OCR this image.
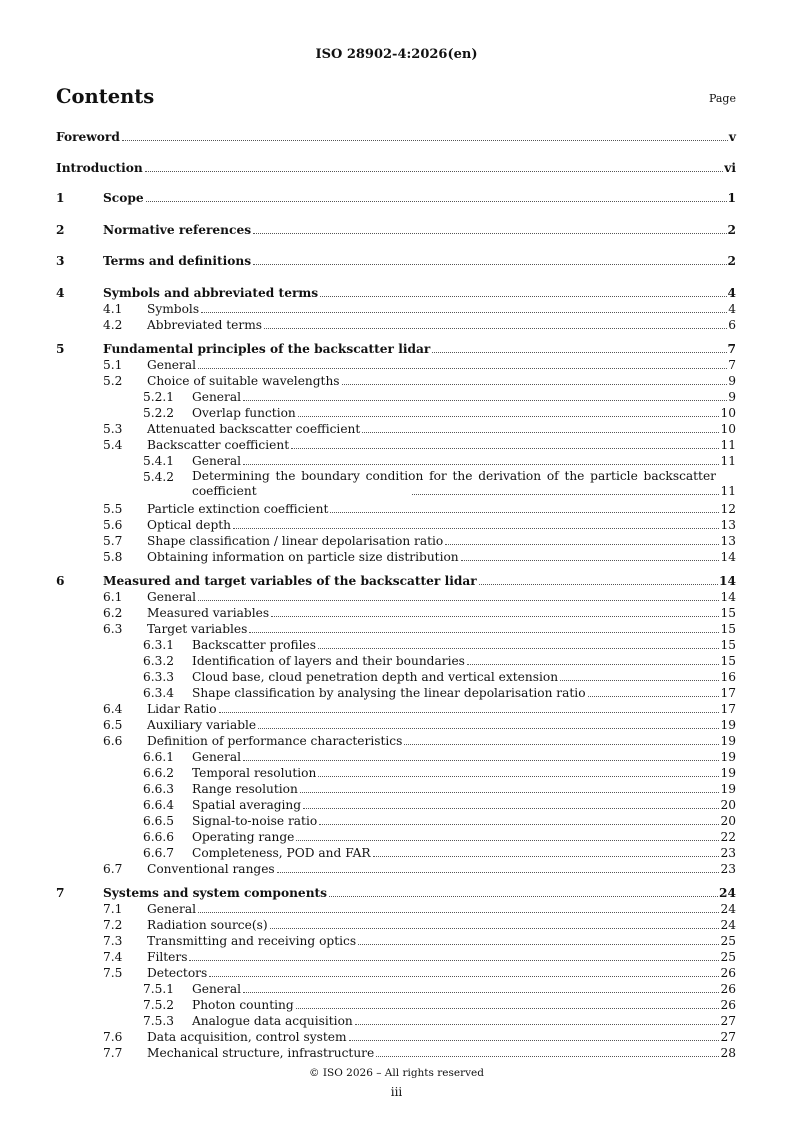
ISO 28902-4:2026(en)
Contents	Page
Foreword	v
Introduction	vi
1	Scope	1
2	Normative references	2
3	Terms and definitions	2
4	Symbols and abbreviated terms	4
4.1 Symbols	4
4.2 Abbreviated terms	6
5	Fundamental principles of the backscatter lidar	7
5.1 General	7
5.2 Choice of suitable wavelengths	9
5.2.1 General	9
5.2.2 Overlap function	10
5.3 Attenuated backscatter coefficient	10
5.4 Backscatter coefficient	11
5.4.1 General	11
5.4.2 Determining the boundary condition for the derivation of the particle backscatter coefficient	11
5.5 Particle extinction coefficient	12
5.6 Optical depth	13
5.7 Shape classification / linear depolarisation ratio	13
5.8 Obtaining information on particle size distribution	14
6	Measured and target variables of the backscatter lidar	14
6.1 General	14
6.2 Measured variables	15
6.3 Target variables	15
6.3.1 Backscatter profiles	15
6.3.2 Identification of layers and their boundaries	15
6.3.3 Cloud base, cloud penetration depth and vertical extension	16
6.3.4 Shape classification by analysing the linear depolarisation ratio	17
6.4 Lidar Ratio	17
6.5 Auxiliary variable	19
6.6 Definition of performance characteristics	19
6.6.1 General	19
6.6.2 Temporal resolution	19
6.6.3 Range resolution	19
6.6.4 Spatial averaging	20
6.6.5 Signal-to-noise ratio	20
6.6.6 Operating range	22
6.6.7 Completeness, POD and FAR	23
6.7 Conventional ranges	23
7	Systems and system components	24
7.1 General	24
7.2 Radiation source(s)	24
7.3 Transmitting and receiving optics	25
7.4 Filters	25
7.5 Detectors	26
7.5.1 General	26
7.5.2 Photon counting	26
7.5.3 Analogue data acquisition	27
7.6 Data acquisition, control system	27
7.7 Mechanical structure, infrastructure	28
© ISO 2026 – All rights reserved
iii
